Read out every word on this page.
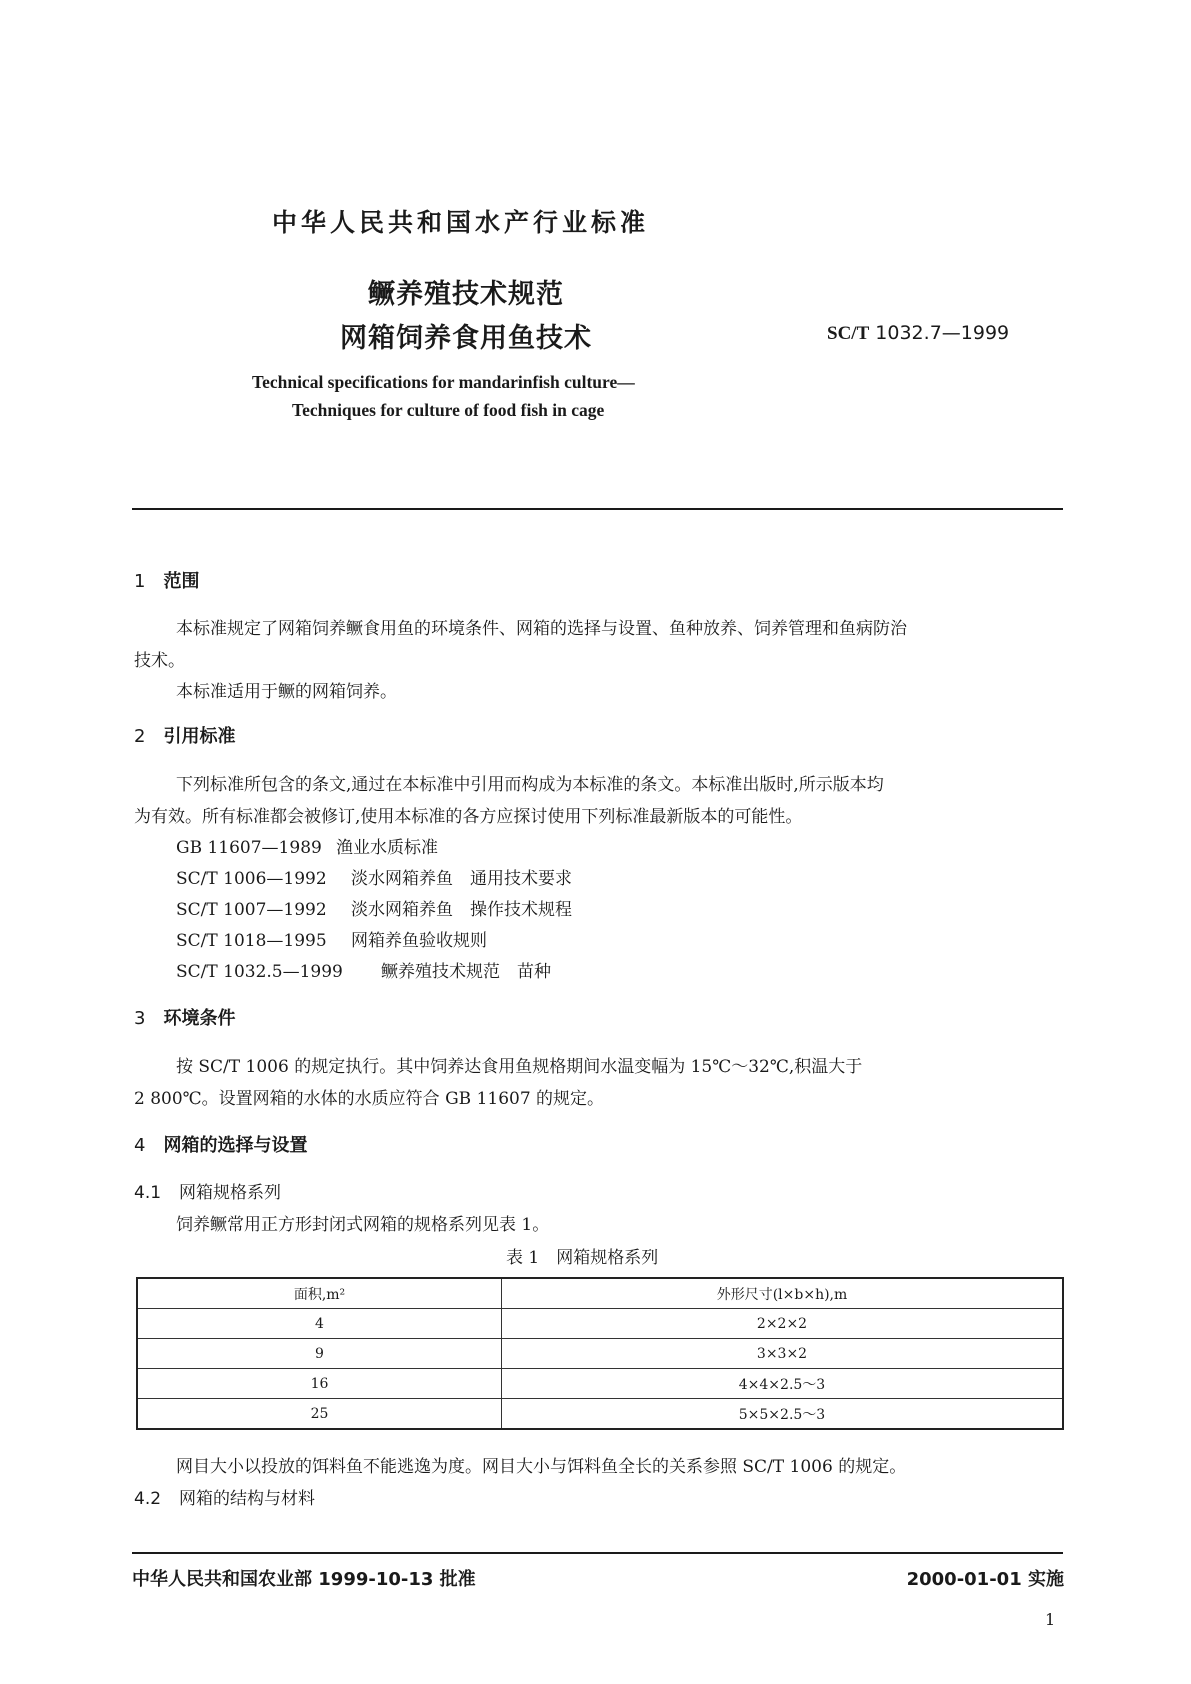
中华人民共和国水产行业标准
鳜养殖技术规范
网箱饲养食用鱼技术	SC/T 1032.7—1999
Technical specifications for mandarinfish culture—
Techniques for culture of food fish in cage
1 范围
本标准规定了网箱饲养鳜食用鱼的环境条件、网箱的选择与设置、鱼种放养、饲养管理和鱼病防治
技术。
本标准适用于鳜的网箱饲养。
2 引用标准
下列标准所包含的条文,通过在本标准中引用而构成为本标准的条文。本标准出版时,所示版本均
为有效。所有标准都会被修订,使用本标准的各方应探讨使用下列标准最新版本的可能性。
GB 11607—1989 渔业水质标准
SC/T 1006—1992 淡水网箱养鱼　通用技术要求
SC/T 1007—1992 淡水网箱养鱼　操作技术规程
SC/T 1018—1995 网箱养鱼验收规则
SC/T 1032.5—1999 鳜养殖技术规范　苗种
3 环境条件
按 SC/T 1006 的规定执行。其中饲养达食用鱼规格期间水温变幅为 15℃～32℃,积温大于
2 800℃。设置网箱的水体的水质应符合 GB 11607 的规定。
4 网箱的选择与设置
4.1 网箱规格系列
饲养鳜常用正方形封闭式网箱的规格系列见表 1。
表 1　网箱规格系列
面积,m²	外形尺寸(l×b×h),m
4	2×2×2
9	3×3×2
16	4×4×2.5～3
25	5×5×2.5～3
网目大小以投放的饵料鱼不能逃逸为度。网目大小与饵料鱼全长的关系参照 SC/T 1006 的规定。
4.2 网箱的结构与材料
中华人民共和国农业部 1999-10-13 批准	2000-01-01 实施
1
